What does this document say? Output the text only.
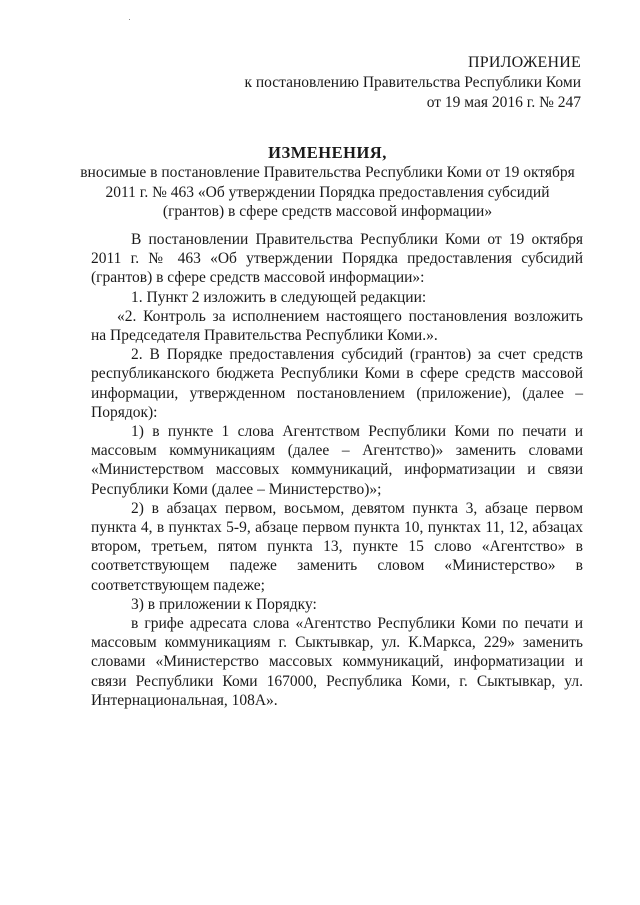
ПРИЛОЖЕНИЕ
к постановлению Правительства Республики Коми
от 19 мая 2016 г. № 247
ИЗМЕНЕНИЯ,
вносимые в постановление Правительства Республики Коми от 19 октября 2011 г. № 463 «Об утверждении Порядка предоставления субсидий (грантов) в сфере средств массовой информации»

В постановлении Правительства Республики Коми от 19 октября 2011 г. № 463 «Об утверждении Порядка предоставления субсидий (грантов) в сфере средств массовой информации»:

1. Пункт 2 изложить в следующей редакции:

«2. Контроль за исполнением настоящего постановления возложить на Председателя Правительства Республики Коми.».

2. В Порядке предоставления субсидий (грантов) за счет средств республиканского бюджета Республики Коми в сфере средств массовой информации, утвержденном постановлением (приложение), (далее – Порядок):

1) в пункте 1 слова Агентством Республики Коми по печати и массовым коммуникациям (далее – Агентство)» заменить словами «Министерством массовых коммуникаций, информатизации и связи Республики Коми (далее – Министерство)»;

2) в абзацах первом, восьмом, девятом пункта 3, абзаце первом пункта 4, в пунктах 5-9, абзаце первом пункта 10, пунктах 11, 12, абзацах втором, третьем, пятом пункта 13, пункте 15 слово «Агентство» в соответствующем падеже заменить словом «Министерство» в соответствующем падеже;

3) в приложении к Порядку:

в грифе адресата слова «Агентство Республики Коми по печати и массовым коммуникациям г. Сыктывкар, ул. К.Маркса, 229» заменить словами «Министерство массовых коммуникаций, информатизации и связи Республики Коми 167000, Республика Коми, г. Сыктывкар, ул. Интернациональная, 108А».
